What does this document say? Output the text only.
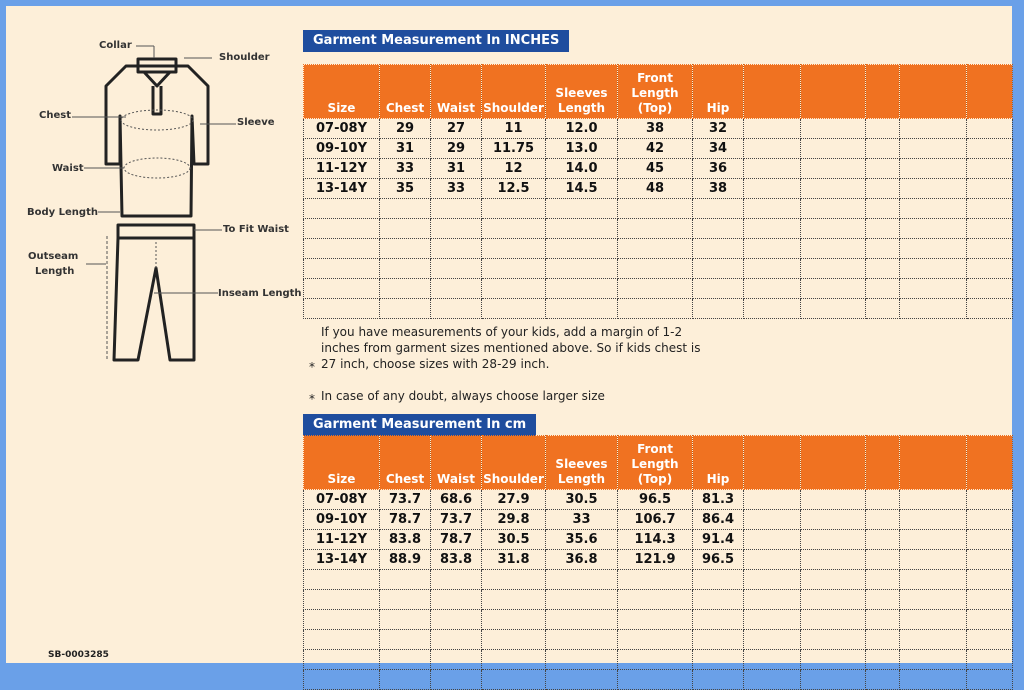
Collar
Shoulder
Chest
Sleeve
Waist
Body Length
To Fit Waist
Outseam
Length
Inseam Length
Garment Measurement In INCHES
Size	Chest	Waist	Shoulder	Sleeves Length	Front Length (Top)	Hip					
07-08Y	29	27	11	12.0	38	32					
09-10Y	31	29	11.75	13.0	42	34					
11-12Y	33	31	12	14.0	45	36					
13-14Y	35	33	12.5	14.5	48	38					

*
If you have measurements of your kids, add a margin of 1-2 inches from garment sizes mentioned above. So if kids chest is 27 inch, choose sizes with 28-29 inch.
* In case of any doubt, always choose larger size
Garment Measurement In cm
Size	Chest	Waist	Shoulder	Sleeves Length	Front Length (Top)	Hip					
07-08Y	73.7	68.6	27.9	30.5	96.5	81.3					
09-10Y	78.7	73.7	29.8	33	106.7	86.4					
11-12Y	83.8	78.7	30.5	35.6	114.3	91.4					
13-14Y	88.9	83.8	31.8	36.8	121.9	96.5					

SB-0003285
